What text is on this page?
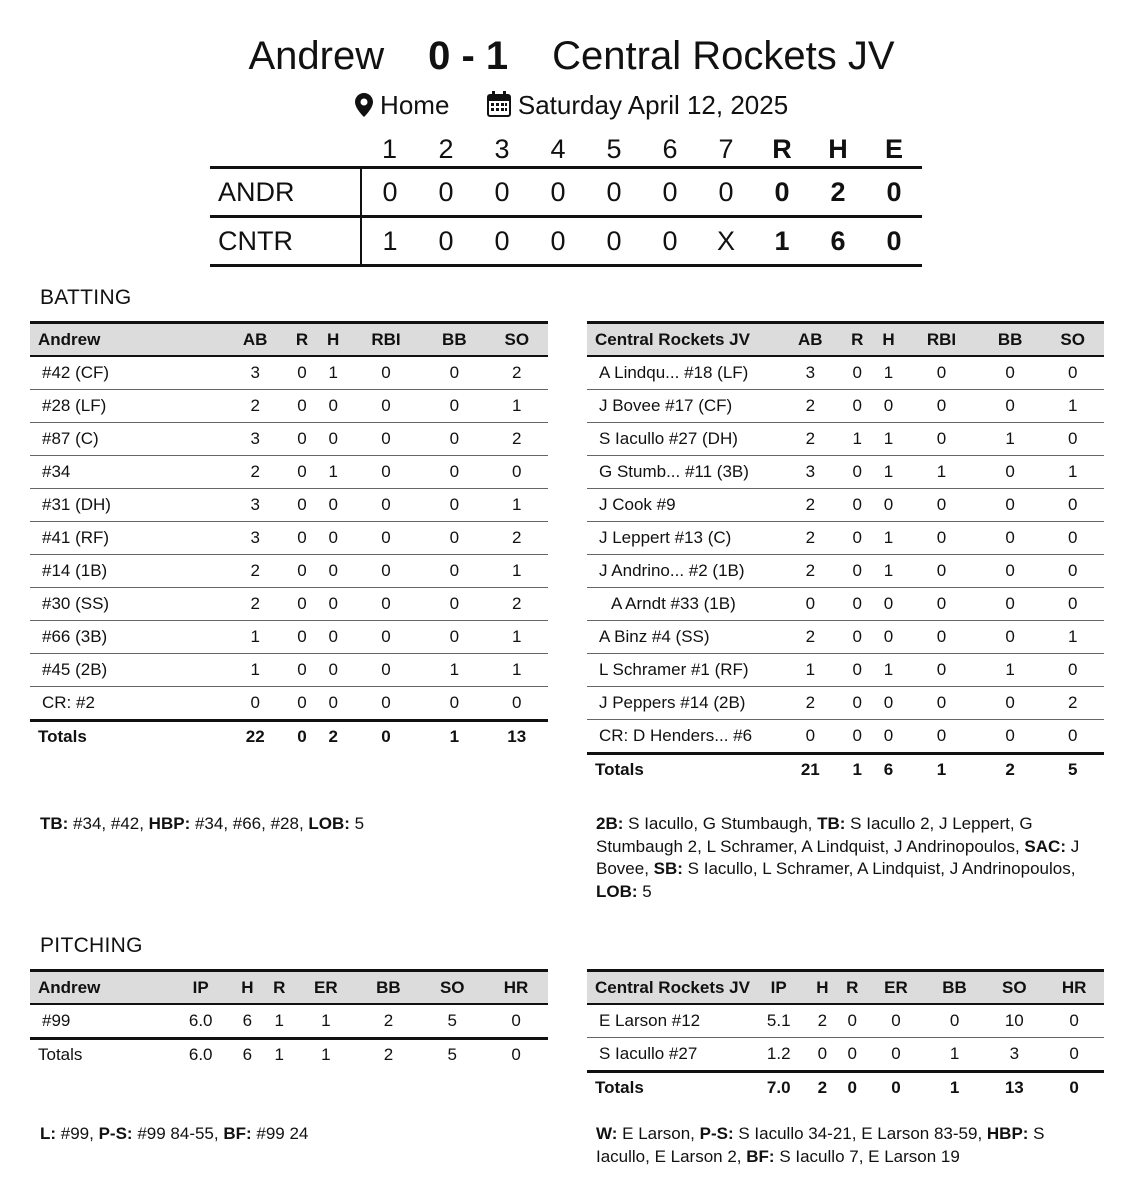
Andrew 0 - 1 Central Rockets JV
Home	Saturday April 12, 2025
	1	2	3	4	5	6	7	R	H	E
ANDR	0	0	0	0	0	0	0	0	2	0
CNTR	1	0	0	0	0	0	X	1	6	0
BATTING
Andrew	AB	R	H	RBI	BB	SO
#42 (CF)	3	0	1	0	0	2
#28 (LF)	2	0	0	0	0	1
#87 (C)	3	0	0	0	0	2
#34	2	0	1	0	0	0
#31 (DH)	3	0	0	0	0	1
#41 (RF)	3	0	0	0	0	2
#14 (1B)	2	0	0	0	0	1
#30 (SS)	2	0	0	0	0	2
#66 (3B)	1	0	0	0	0	1
#45 (2B)	1	0	0	0	1	1
CR: #2	0	0	0	0	0	0
Totals	22	0	2	0	1	13
TB: #34, #42, HBP: #34, #66, #28, LOB: 5
Central Rockets JV	AB	R	H	RBI	BB	SO
A Lindqu... #18 (LF)	3	0	1	0	0	0
J Bovee #17 (CF)	2	0	0	0	0	1
S Iacullo #27 (DH)	2	1	1	0	1	0
G Stumb... #11 (3B)	3	0	1	1	0	1
J Cook #9	2	0	0	0	0	0
J Leppert #13 (C)	2	0	1	0	0	0
J Andrino... #2 (1B)	2	0	1	0	0	0
A Arndt #33 (1B)	0	0	0	0	0	0
A Binz #4 (SS)	2	0	0	0	0	1
L Schramer #1 (RF)	1	0	1	0	1	0
J Peppers #14 (2B)	2	0	0	0	0	2
CR: D Henders... #6	0	0	0	0	0	0
Totals	21	1	6	1	2	5
2B: S Iacullo, G Stumbaugh, TB: S Iacullo 2, J Leppert, G Stumbaugh 2, L Schramer, A Lindquist, J Andrinopoulos, SAC: J Bovee, SB: S Iacullo, L Schramer, A Lindquist, J Andrinopoulos, LOB: 5
PITCHING
Andrew	IP	H	R	ER	BB	SO	HR
#99	6.0	6	1	1	2	5	0
Totals	6.0	6	1	1	2	5	0
L: #99, P-S: #99 84-55, BF: #99 24
Central Rockets JV	IP	H	R	ER	BB	SO	HR
E Larson #12	5.1	2	0	0	0	10	0
S Iacullo #27	1.2	0	0	0	1	3	0
Totals	7.0	2	0	0	1	13	0
W: E Larson, P-S: S Iacullo 34-21, E Larson 83-59, HBP: S Iacullo, E Larson 2, BF: S Iacullo 7, E Larson 19
